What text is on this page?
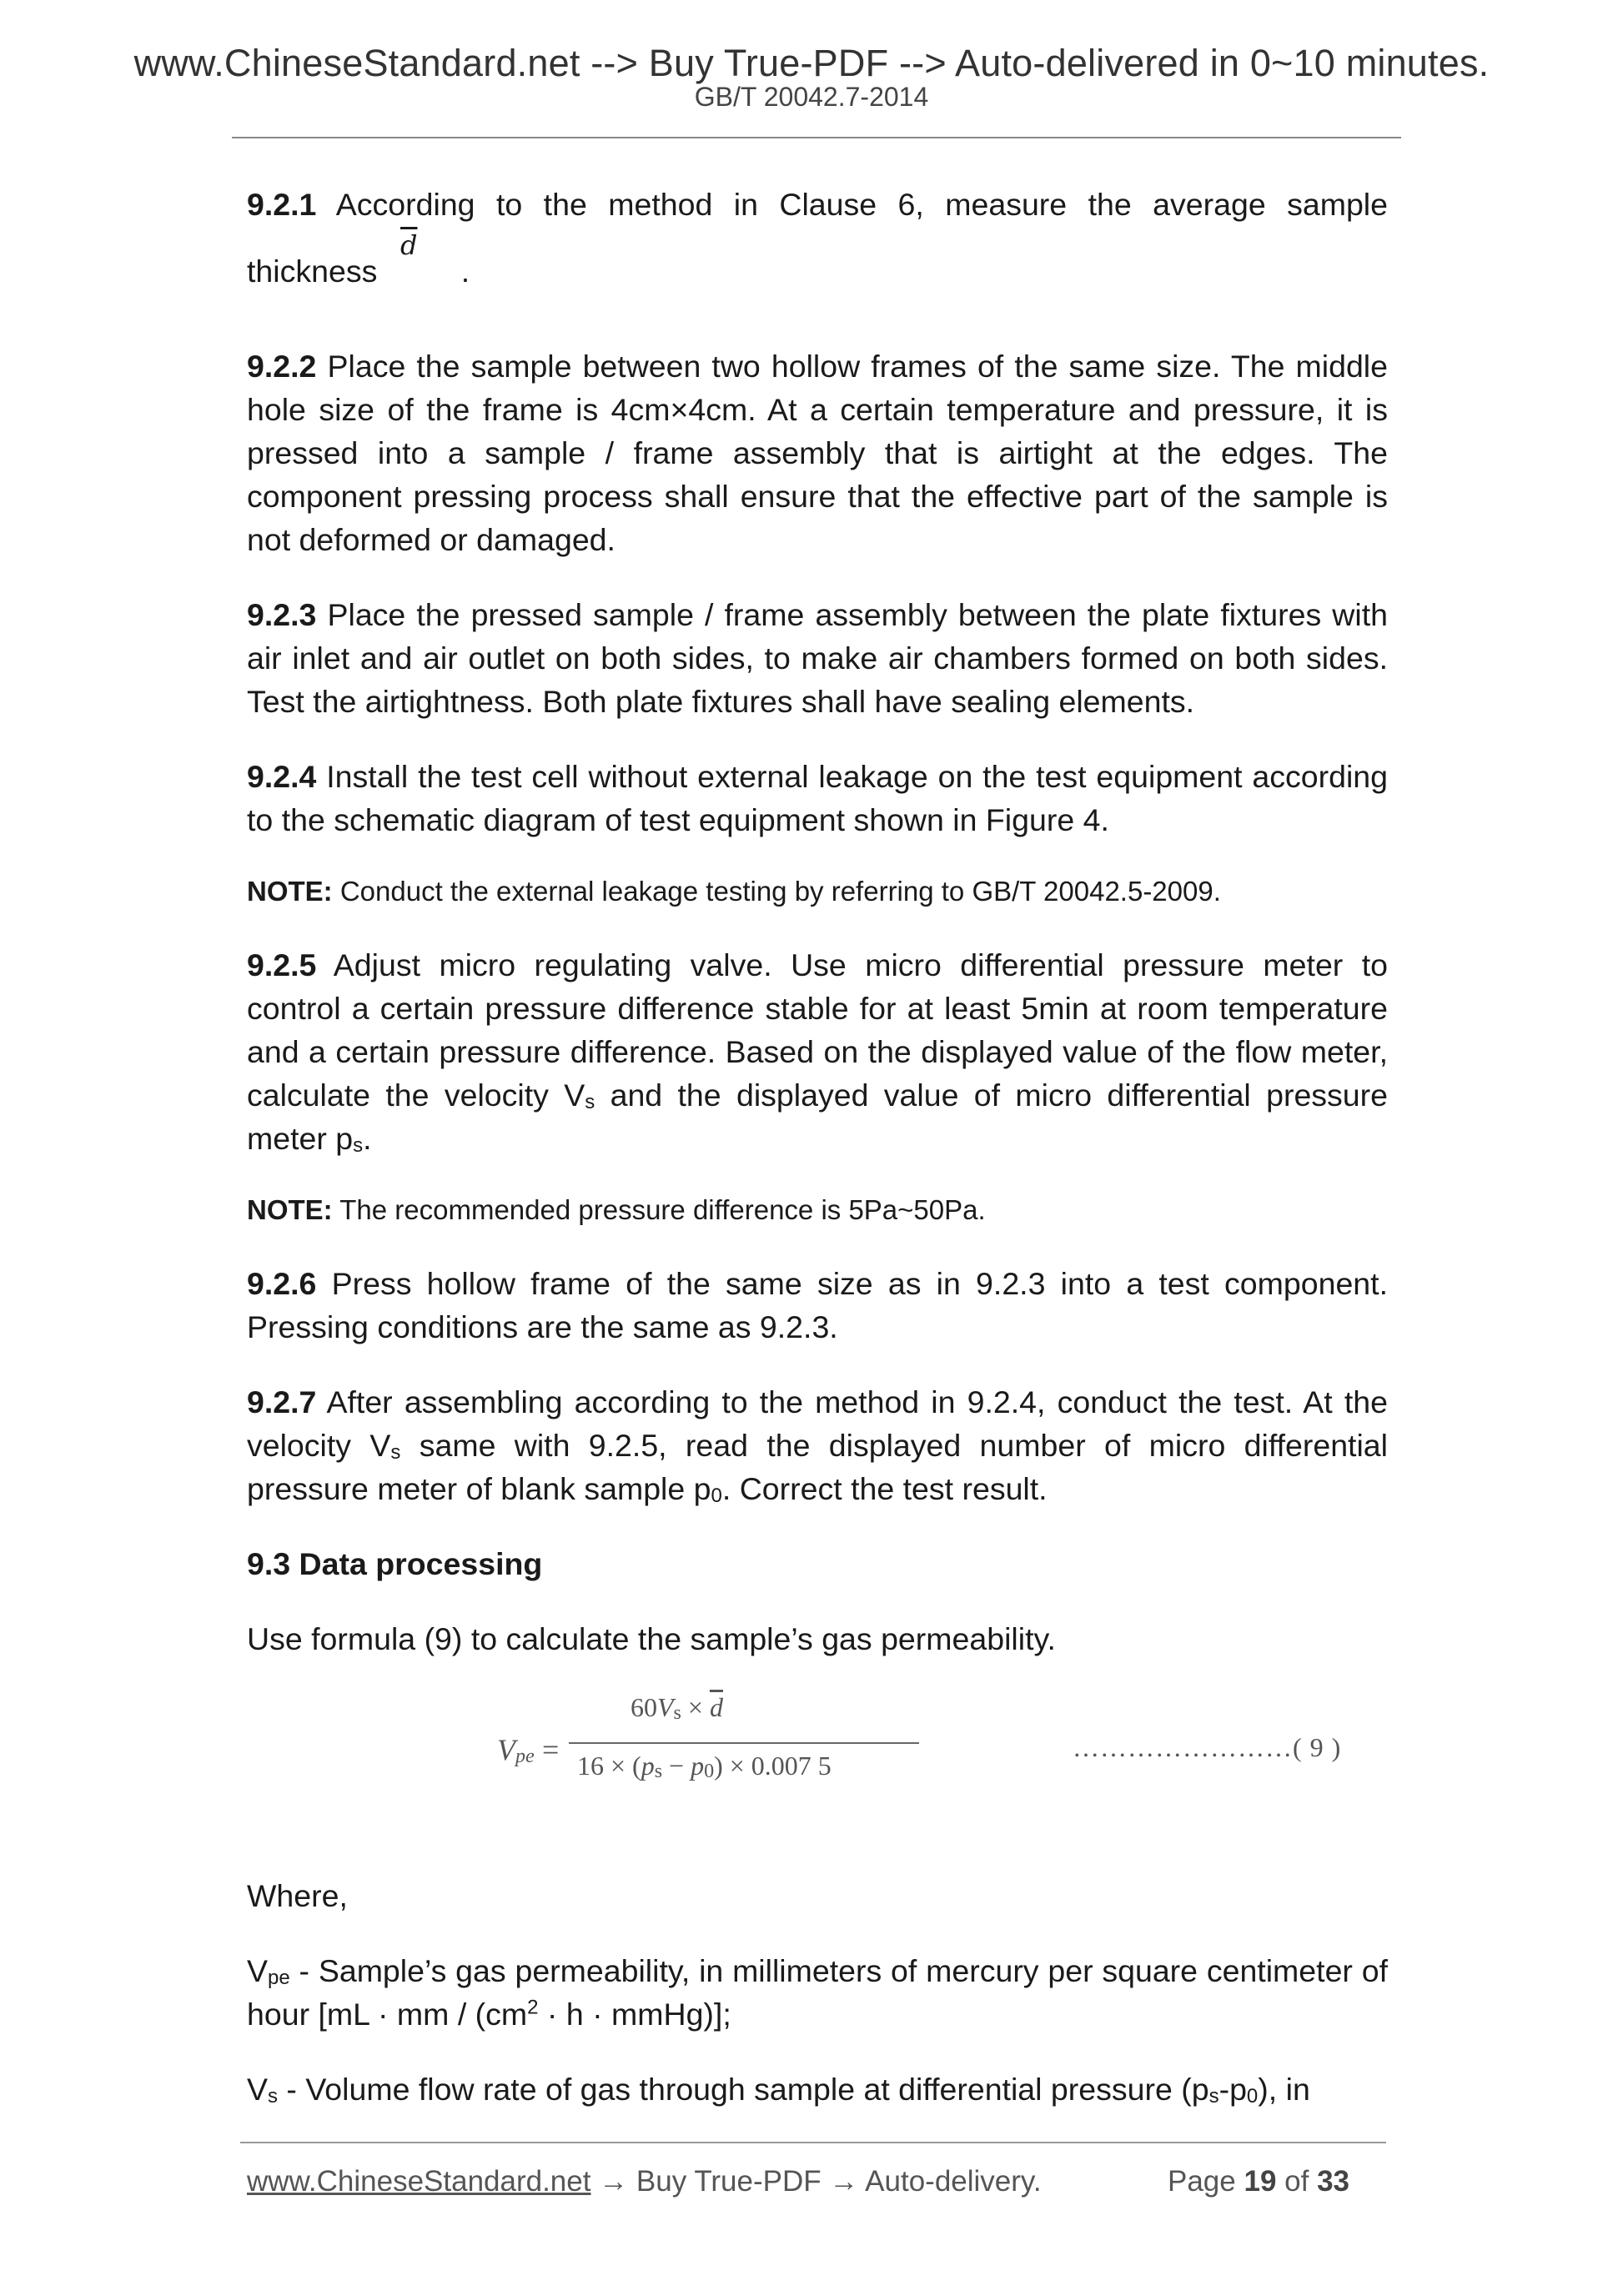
www.ChineseStandard.net --> Buy True-PDF --> Auto-delivered in 0~10 minutes.
GB/T 20042.7-2014

9.2.1 According to the method in Clause 6, measure the average sample thickness
$\overline{d}$
.

9.2.2 Place the sample between two hollow frames of the same size. The middle hole size of the frame is 4cm×4cm. At a certain temperature and pressure, it is pressed into a sample / frame assembly that is airtight at the edges. The component pressing process shall ensure that the effective part of the sample is not deformed or damaged.

9.2.3 Place the pressed sample / frame assembly between the plate fixtures with air inlet and air outlet on both sides, to make air chambers formed on both sides. Test the airtightness. Both plate fixtures shall have sealing elements.

9.2.4 Install the test cell without external leakage on the test equipment according to the schematic diagram of test equipment shown in Figure 4.

NOTE: Conduct the external leakage testing by referring to GB/T 20042.5-2009.

9.2.5 Adjust micro regulating valve. Use micro differential pressure meter to control a certain pressure difference stable for at least 5min at room temperature and a certain pressure difference. Based on the displayed value of the flow meter, calculate the velocity $V_s$ and the displayed value of micro differential pressure meter $p_s$.

NOTE: The recommended pressure difference is 5Pa~50Pa.

9.2.6 Press hollow frame of the same size as in 9.2.3 into a test component. Pressing conditions are the same as 9.2.3.

9.2.7 After assembling according to the method in 9.2.4, conduct the test. At the velocity $V_s$ same with 9.2.5, read the displayed number of micro differential pressure meter of blank sample $p_0$. Correct the test result.

9.3 Data processing

Use formula (9) to calculate the sample’s gas permeability.

$V_{pe}$ =
$60V_s \times \overline{d}$
$16 \times (p_s - p_0) \times 0.007$ 5
……………………( 9 )

Where,

$V_{pe}$ - Sample’s gas permeability, in millimeters of mercury per square centimeter of hour [mL · mm / ($cm^2 \cdot h$ · mmHg)];

$V_s$ - Volume flow rate of gas through sample at differential pressure $(p_s-p_0)$, in

www.ChineseStandard.net → Buy True-PDF → Auto-delivery.	Page 19 of 33
